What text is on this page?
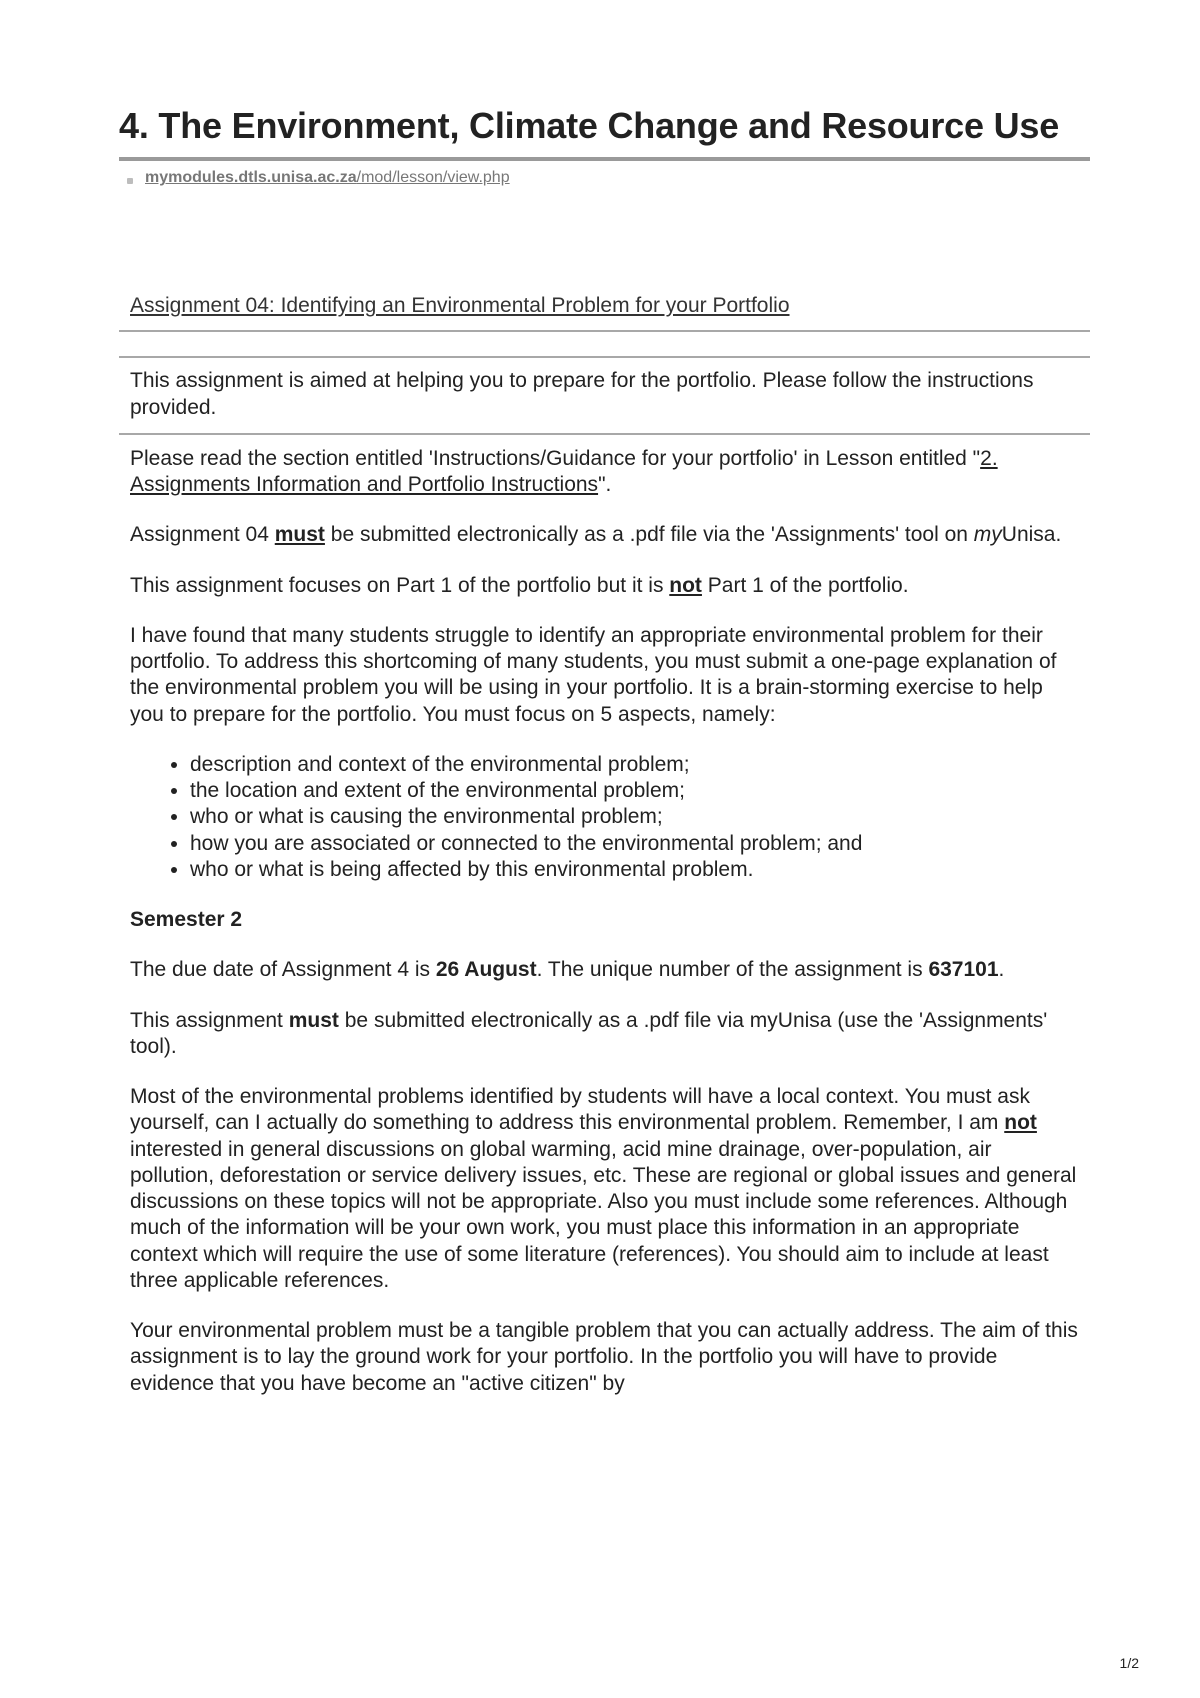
4. The Environment, Climate Change and Resource Use
mymodules.dtls.unisa.ac.za/mod/lesson/view.php
Assignment 04: Identifying an Environmental Problem for your Portfolio
This assignment is aimed at helping you to prepare for the portfolio. Please follow the instructions provided.

Please read the section entitled 'Instructions/Guidance for your portfolio' in Lesson entitled "2. Assignments Information and Portfolio Instructions".

Assignment 04 must be submitted electronically as a .pdf file via the 'Assignments' tool on myUnisa.

This assignment focuses on Part 1 of the portfolio but it is not Part 1 of the portfolio.

I have found that many students struggle to identify an appropriate environmental problem for their portfolio. To address this shortcoming of many students, you must submit a one-page explanation of the environmental problem you will be using in your portfolio. It is a brain-storming exercise to help you to prepare for the portfolio. You must focus on 5 aspects, namely:

• description and context of the environmental problem;
• the location and extent of the environmental problem;
• who or what is causing the environmental problem;
• how you are associated or connected to the environmental problem; and
• who or what is being affected by this environmental problem.

Semester 2

The due date of Assignment 4 is 26 August. The unique number of the assignment is 637101.

This assignment must be submitted electronically as a .pdf file via myUnisa (use the 'Assignments' tool).

Most of the environmental problems identified by students will have a local context. You must ask yourself, can I actually do something to address this environmental problem. Remember, I am not interested in general discussions on global warming, acid mine drainage, over-population, air pollution, deforestation or service delivery issues, etc. These are regional or global issues and general discussions on these topics will not be appropriate. Also you must include some references. Although much of the information will be your own work, you must place this information in an appropriate context which will require the use of some literature (references). You should aim to include at least three applicable references.

Your environmental problem must be a tangible problem that you can actually address. The aim of this assignment is to lay the ground work for your portfolio. In the portfolio you will have to provide evidence that you have become an "active citizen" by

1/2
